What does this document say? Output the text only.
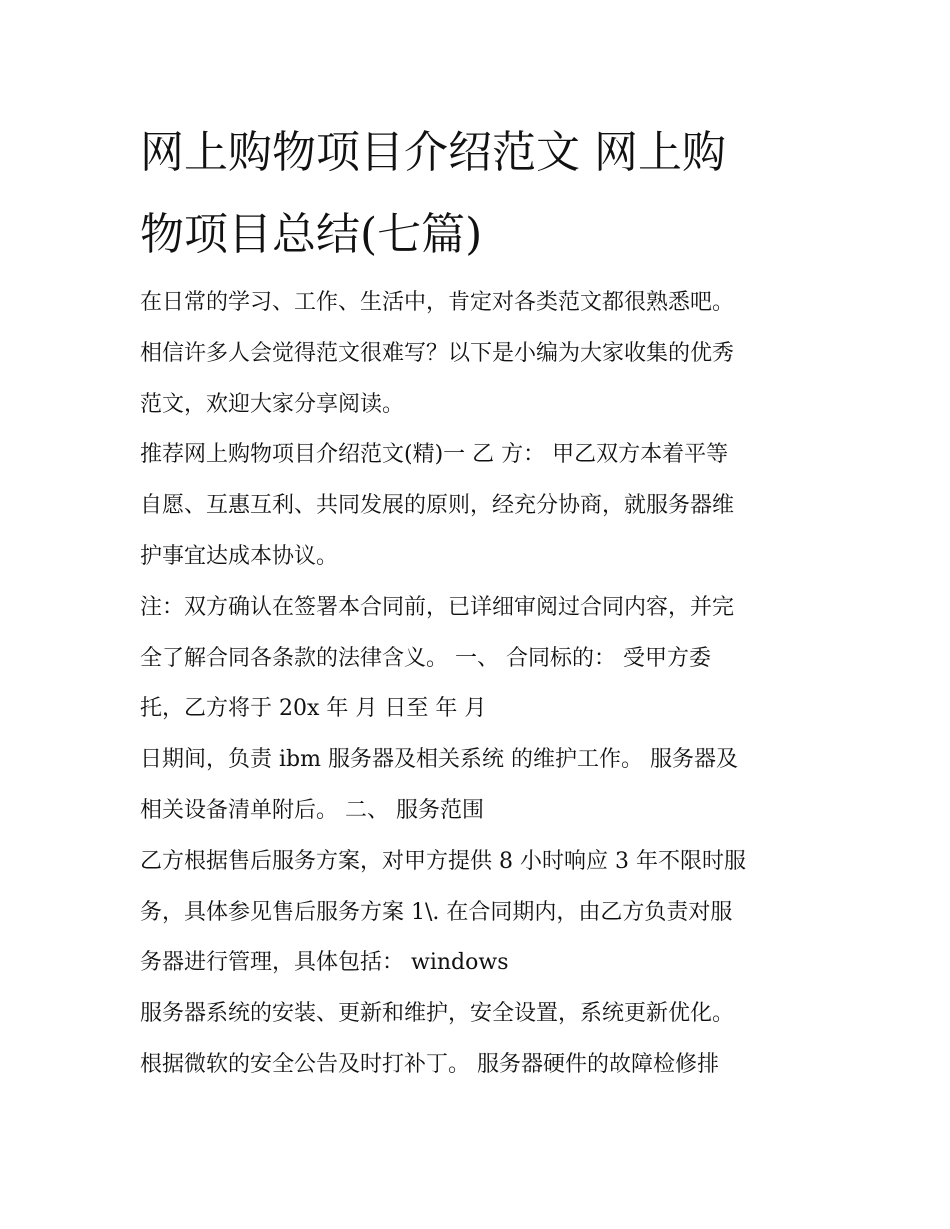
网上购物项目介绍范文 网上购
物项目总结(七篇)

在日常的学习、工作、生活中，肯定对各类范文都很熟悉吧。

相信许多人会觉得范文很难写？以下是小编为大家收集的优秀

范文，欢迎大家分享阅读。

推荐网上购物项目介绍范文(精)一 乙 方： 甲乙双方本着平等

自愿、互惠互利、共同发展的原则，经充分协商，就服务器维

护事宜达成本协议。

注：双方确认在签署本合同前，已详细审阅过合同内容，并完

全了解合同各条款的法律含义。 一、 合同标的： 受甲方委

托，乙方将于 20x 年 月 日至 年 月

日期间，负责 ibm 服务器及相关系统 的维护工作。 服务器及

相关设备清单附后。 二、 服务范围

乙方根据售后服务方案，对甲方提供 8 小时响应 3 年不限时服

务，具体参见售后服务方案 1\. 在合同期内，由乙方负责对服

务器进行管理，具体包括： windows

服务器系统的安装、更新和维护，安全设置，系统更新优化。

根据微软的安全公告及时打补丁。 服务器硬件的故障检修排
